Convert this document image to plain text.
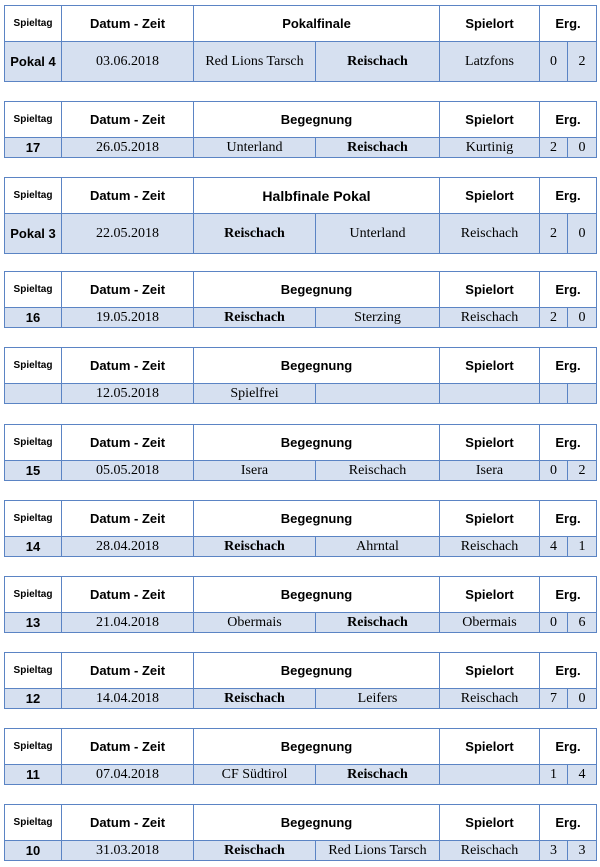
Spieltag	Datum - Zeit	Pokalfinale		Spielort	Erg.	
Pokal 4	03.06.2018	Red Lions Tarsch	Reischach	Latzfons	0	2
Spieltag	Datum - Zeit	Begegnung		Spielort	Erg.	
17	26.05.2018	Unterland	Reischach	Kurtinig	2	0
Spieltag	Datum - Zeit	Halbfinale Pokal		Spielort	Erg.	
Pokal 3	22.05.2018	Reischach	Unterland	Reischach	2	0
Spieltag	Datum - Zeit	Begegnung		Spielort	Erg.	
16	19.05.2018	Reischach	Sterzing	Reischach	2	0
Spieltag	Datum - Zeit	Begegnung		Spielort	Erg.	
	12.05.2018	Spielfrei				
Spieltag	Datum - Zeit	Begegnung		Spielort	Erg.	
15	05.05.2018	Isera	Reischach	Isera	0	2
Spieltag	Datum - Zeit	Begegnung		Spielort	Erg.	
14	28.04.2018	Reischach	Ahrntal	Reischach	4	1
Spieltag	Datum - Zeit	Begegnung		Spielort	Erg.	
13	21.04.2018	Obermais	Reischach	Obermais	0	6
Spieltag	Datum - Zeit	Begegnung		Spielort	Erg.	
12	14.04.2018	Reischach	Leifers	Reischach	7	0
Spieltag	Datum - Zeit	Begegnung		Spielort	Erg.	
11	07.04.2018	CF Südtirol	Reischach		1	4
Spieltag	Datum - Zeit	Begegnung		Spielort	Erg.	
10	31.03.2018	Reischach	Red Lions Tarsch	Reischach	3	3
